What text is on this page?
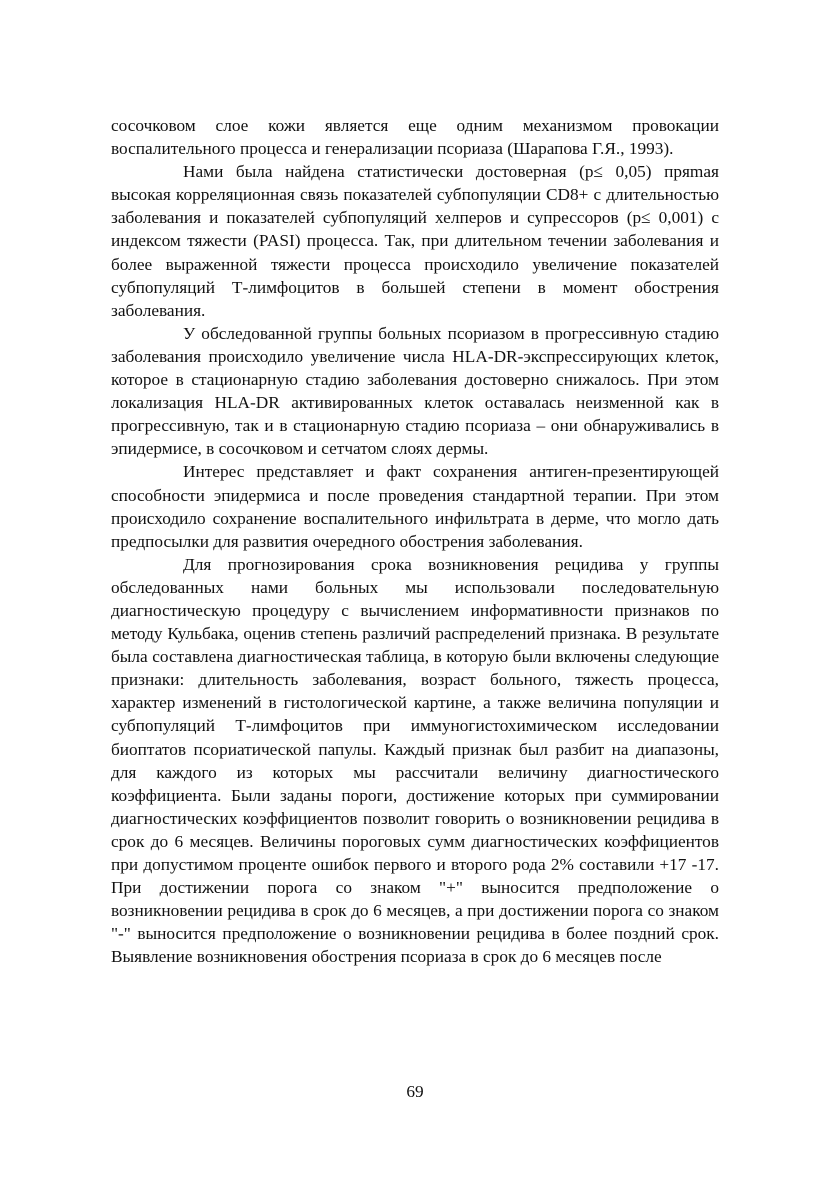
сосочковом слое кожи является еще одним механизмом провокации воспалительного процесса и генерализации псориаза (Шарапова Г.Я., 1993).

Нами была найдена статистически достоверная (p≤ 0,05) пряmая высокая корреляционная связь показателей субпопуляции CD8+ с длительностью заболевания и показателей субпопуляций хелперов и супрессоров (p≤ 0,001) с индексом тяжести (PASI) процесса. Так, при длительном течении заболевания и более выраженной тяжести процесса происходило увеличение показателей субпопуляций Т-лимфоцитов в большей степени в момент обострения заболевания.

У обследованной группы больных псориазом в прогрессивную стадию заболевания происходило увеличение числа HLA-DR-экспрессирующих клеток, которое в стационарную стадию заболевания достоверно снижалось. При этом локализация HLA-DR активированных клеток оставалась неизменной как в прогрессивную, так и в стационарную стадию псориаза – они обнаруживались в эпидермисе, в сосочковом и сетчатом слоях дермы.

Интерес представляет и факт сохранения антиген-презентирующей способности эпидермиса и после проведения стандартной терапии. При этом происходило сохранение воспалительного инфильтрата в дерме, что могло дать предпосылки для развития очередного обострения заболевания.

Для прогнозирования срока возникновения рецидива у группы обследованных нами больных мы использовали последовательную диагностическую процедуру с вычислением информативности признаков по методу Кульбака, оценив степень различий распределений признака. В результате была составлена диагностическая таблица, в которую были включены следующие признаки: длительность заболевания, возраст больного, тяжесть процесса, характер изменений в гистологической картине, а также величина популяции и субпопуляций Т-лимфоцитов при иммуногистохимическом исследовании биоптатов псориатической папулы. Каждый признак был разбит на диапазоны, для каждого из которых мы рассчитали величину диагностического коэффициента. Были заданы пороги, достижение которых при суммировании диагностических коэффициентов позволит говорить о возникновении рецидива в срок до 6 месяцев. Величины пороговых сумм диагностических коэффициентов при допустимом проценте ошибок первого и второго рода 2% составили +17 -17. При достижении порога со знаком "+" выносится предположение о возникновении рецидива в срок до 6 месяцев, а при достижении порога со знаком "-" выносится предположение о возникновении рецидива в более поздний срок. Выявление возникновения обострения псориаза в срок до 6 месяцев после

69
